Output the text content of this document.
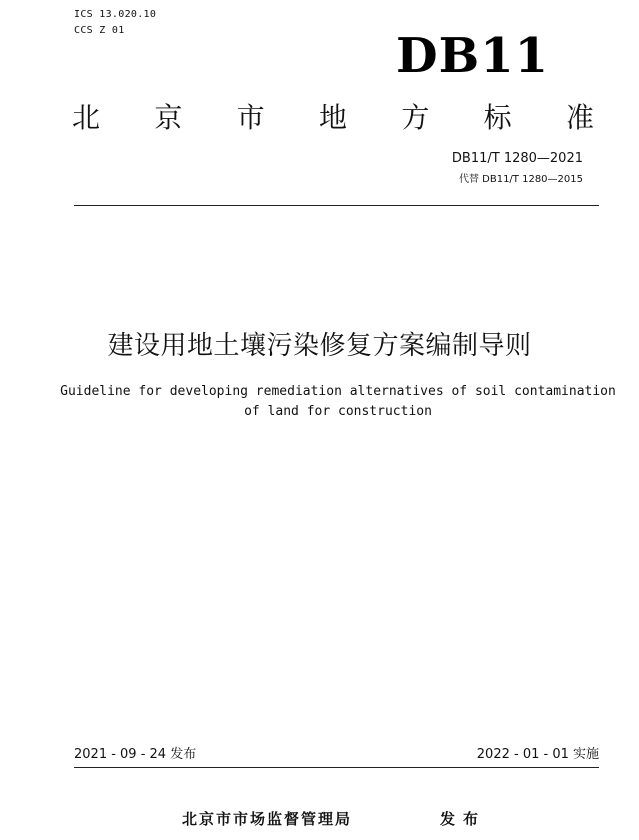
ICS 13.020.10
CCS Z 01	DB11
北 京 市 地 方 标 准
DB11/T 1280—2021
代替 DB11/T 1280—2015
建设用地土壤污染修复方案编制导则
Guideline for developing remediation alternatives of soil contamination
of land for construction
2021 - 09 - 24 发布	2022 - 01 - 01 实施
北京市市场监督管理局	发布
